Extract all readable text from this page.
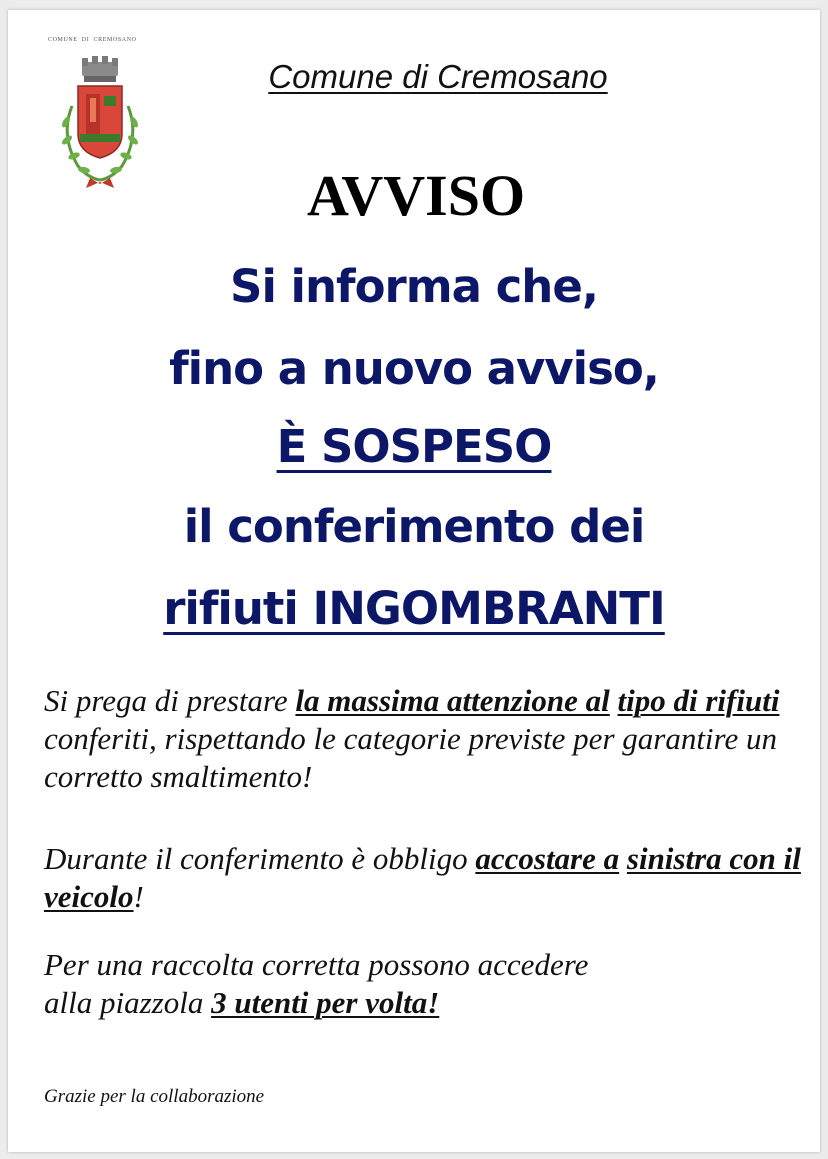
COMUNE  DI  CREMOSANO
Comune di Cremosano
AVVISO
Si informa che,
fino a nuovo avviso,
È SOSPESO
il conferimento dei
rifiuti INGOMBRANTI

Si prega di prestare la massima attenzione al tipo di rifiuti conferiti, rispettando le categorie previste per garantire un corretto smaltimento!

Durante il conferimento è obbligo accostare a sinistra con il veicolo!

Per una raccolta corretta possono accedere
alla piazzola 3 utenti per volta!

Grazie per la collaborazione
